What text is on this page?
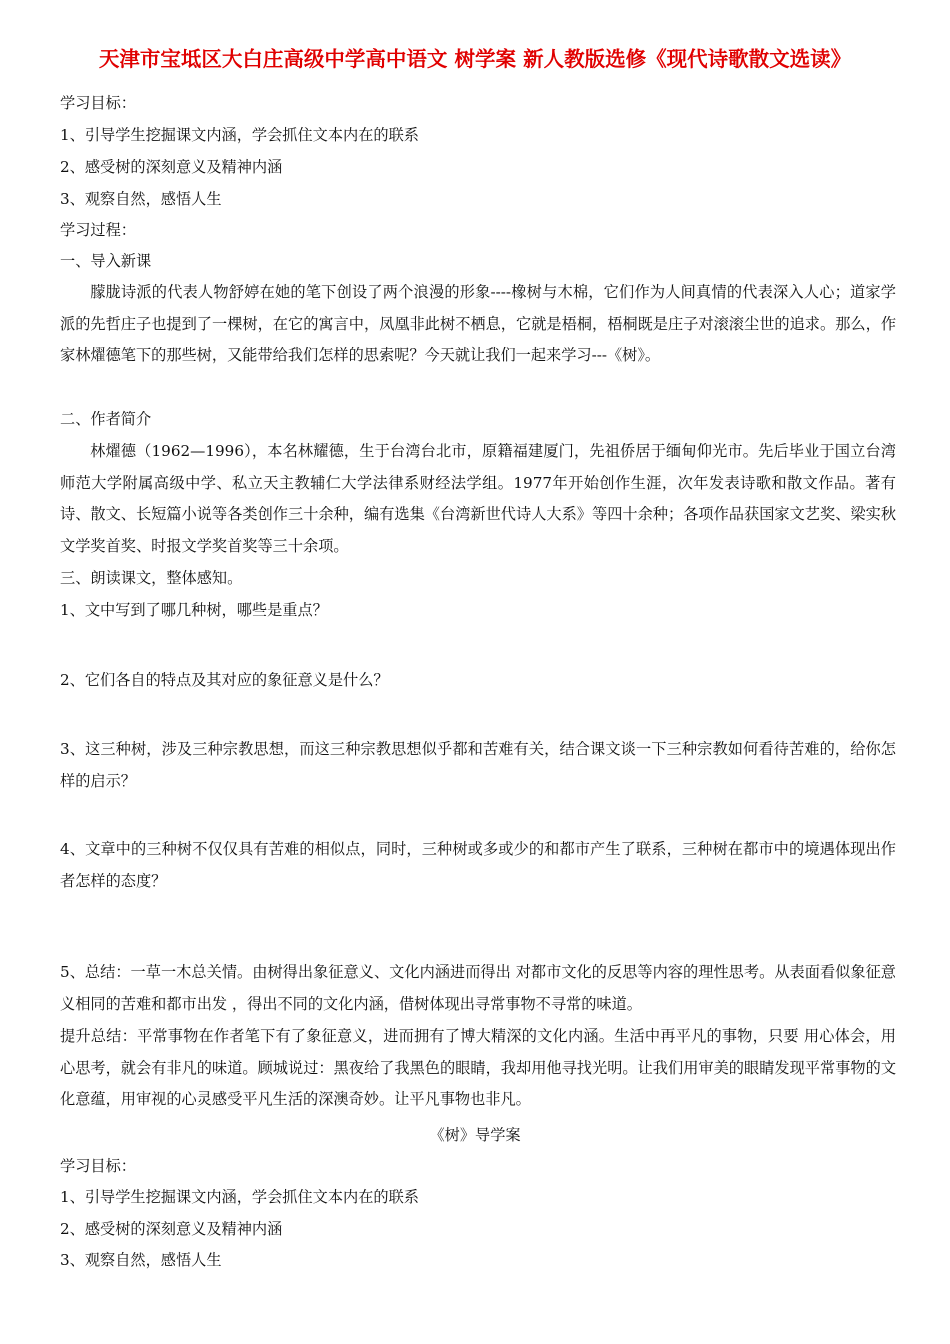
天津市宝坻区大白庄高级中学高中语文 树学案 新人教版选修《现代诗歌散文选读》
学习目标：
1、引导学生挖掘课文内涵，学会抓住文本内在的联系
2、感受树的深刻意义及精神内涵
3、观察自然，感悟人生
学习过程：
一、导入新课
朦胧诗派的代表人物舒婷在她的笔下创设了两个浪漫的形象----橡树与木棉，它们作为人间真情的代表深入人心；道家学派的先哲庄子也提到了一棵树，在它的寓言中，凤凰非此树不栖息，它就是梧桐，梧桐既是庄子对滚滚尘世的追求。那么，作家林燿德笔下的那些树，又能带给我们怎样的思索呢？今天就让我们一起来学习---《树》。
二、作者简介
林燿德（1962—1996），本名林耀德，生于台湾台北市，原籍福建厦门，先祖侨居于缅甸仰光市。先后毕业于国立台湾师范大学附属高级中学、私立天主教辅仁大学法律系财经法学组。1977年开始创作生涯，次年发表诗歌和散文作品。著有诗、散文、长短篇小说等各类创作三十余种，编有选集《台湾新世代诗人大系》等四十余种；各项作品获国家文艺奖、梁实秋文学奖首奖、时报文学奖首奖等三十余项。
三、朗读课文，整体感知。
1、文中写到了哪几种树，哪些是重点？
2、它们各自的特点及其对应的象征意义是什么？
3、这三种树，涉及三种宗教思想，而这三种宗教思想似乎都和苦难有关，结合课文谈一下三种宗教如何看待苦难的，给你怎样的启示？
4、文章中的三种树不仅仅具有苦难的相似点，同时，三种树或多或少的和都市产生了联系，三种树在都市中的境遇体现出作者怎样的态度？
5、总结：一草一木总关情。由树得出象征意义、文化内涵进而得出 对都市文化的反思等内容的理性思考。从表面看似象征意义相同的苦难和都市出发 ，得出不同的文化内涵，借树体现出寻常事物不寻常的味道。
提升总结：平常事物在作者笔下有了象征意义，进而拥有了博大精深的文化内涵。生活中再平凡的事物，只要 用心体会，用心思考，就会有非凡的味道。顾城说过：黑夜给了我黑色的眼睛，我却用他寻找光明。让我们用审美的眼睛发现平常事物的文化意蕴，用审视的心灵感受平凡生活的深澳奇妙。让平凡事物也非凡。
《树》导学案
学习目标：
1、引导学生挖掘课文内涵，学会抓住文本内在的联系
2、感受树的深刻意义及精神内涵
3、观察自然，感悟人生
